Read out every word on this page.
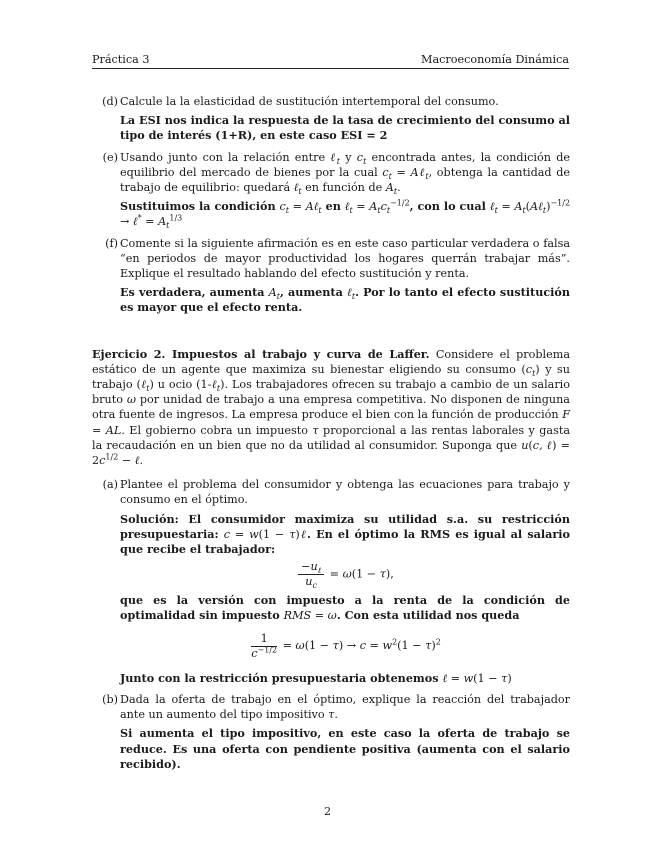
Práctica 3	Macroeconomía Dinámica
(d) Calcule la la elasticidad de sustitución intertemporal del consumo.

La ESI nos indica la respuesta de la tasa de crecimiento del consumo al tipo de interés (1+R), en este caso ESI = 2

(e) Usando junto con la relación entre ℓ$_t$ y $c_t$ encontrada antes, la condición de equilibrio del mercado de bienes por la cual $c_t$ = Aℓ$_t$, obtenga la cantidad de trabajo de equilibrio: quedará ℓ$_t$ en función de $A_t$.

Sustituimos la condición $c_t$ = Aℓ$_t$ en ℓ$_t$ = $A_tc_t^{-1/2}$, con lo cual ℓ$_t$ = $A_t(A\ell_t)^{-1/2}$ → ℓ* = $A_t^{1/3}$

(f) Comente si la siguiente afirmación es en este caso particular verdadera o falsa “en periodos de mayor productividad los hogares querrán trabajar más”. Explique el resultado hablando del efecto sustitución y renta.

Es verdadera, aumenta $A_t$, aumenta ℓ$_t$. Por lo tanto el efecto sustitución es mayor que el efecto renta.

Ejercicio 2. Impuestos al trabajo y curva de Laffer. Considere el problema estático de un agente que maximiza su bienestar eligiendo su consumo $(c_t)$ y su trabajo (ℓ$_t$) u ocio (1-ℓ$_t$). Los trabajadores ofrecen su trabajo a cambio de un salario bruto ω por unidad de trabajo a una empresa competitiva. No disponen de ninguna otra fuente de ingresos. La empresa produce el bien con la función de producción F = AL. El gobierno cobra un impuesto τ proporcional a las rentas laborales y gasta la recaudación en un bien que no da utilidad al consumidor. Suponga que u(c, ℓ) = $2c^{1/2}$ − ℓ.

(a) Plantee el problema del consumidor y obtenga las ecuaciones para trabajo y consumo en el óptimo.

Solución: El consumidor maximiza su utilidad s.a. su restricción presupuestaria: c = w(1 − τ)ℓ. En el óptimo la RMS es igual al salario que recibe el trabajador:

$\frac{-u_\ell}{u_c} = \omega(1 - \tau)$,

que es la versión con impuesto a la renta de la condición de optimalidad sin impuesto RMS = ω. Con esta utilidad nos queda

$\frac{1}{c^{-1/2}} = \omega(1 - \tau) \to c = w^2(1 - \tau)^2$

Junto con la restricción presupuestaria obtenemos ℓ = w(1 − τ)

(b) Dada la oferta de trabajo en el óptimo, explique la reacción del trabajador ante un aumento del tipo impositivo τ.

Si aumenta el tipo impositivo, en este caso la oferta de trabajo se reduce. Es una oferta con pendiente positiva (aumenta con el salario recibido).

2
